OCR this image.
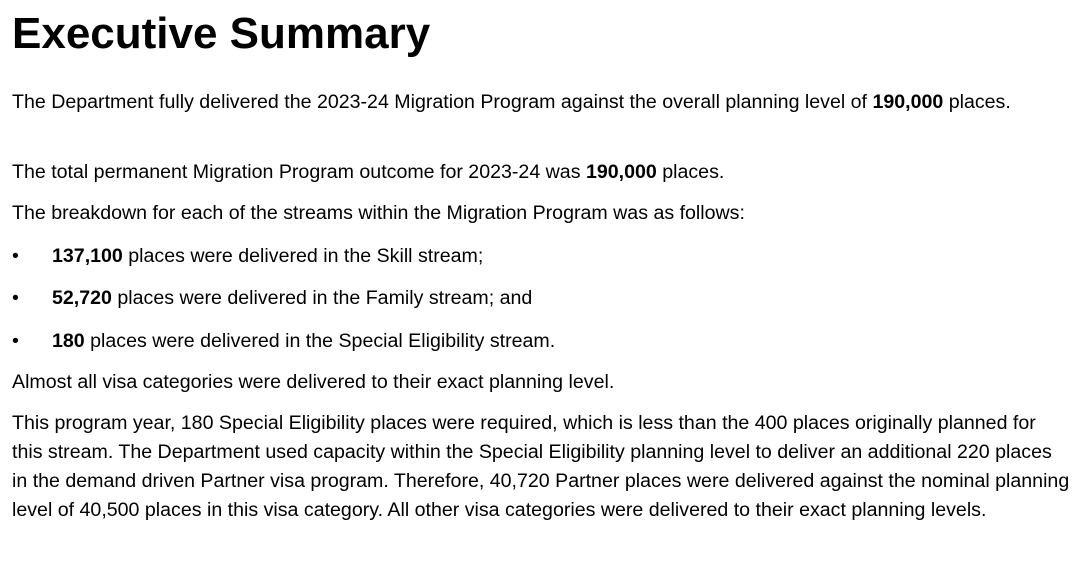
Executive Summary

The Department fully delivered the 2023-24 Migration Program against the overall planning level of 190,000 places.

The total permanent Migration Program outcome for 2023-24 was 190,000 places.

The breakdown for each of the streams within the Migration Program was as follows:

• 137,100 places were delivered in the Skill stream;
• 52,720 places were delivered in the Family stream; and
• 180 places were delivered in the Special Eligibility stream.

Almost all visa categories were delivered to their exact planning level.

This program year, 180 Special Eligibility places were required, which is less than the 400 places originally planned for this stream. The Department used capacity within the Special Eligibility planning level to deliver an additional 220 places in the demand driven Partner visa program. Therefore, 40,720 Partner places were delivered against the nominal planning level of 40,500 places in this visa category. All other visa categories were delivered to their exact planning levels.
